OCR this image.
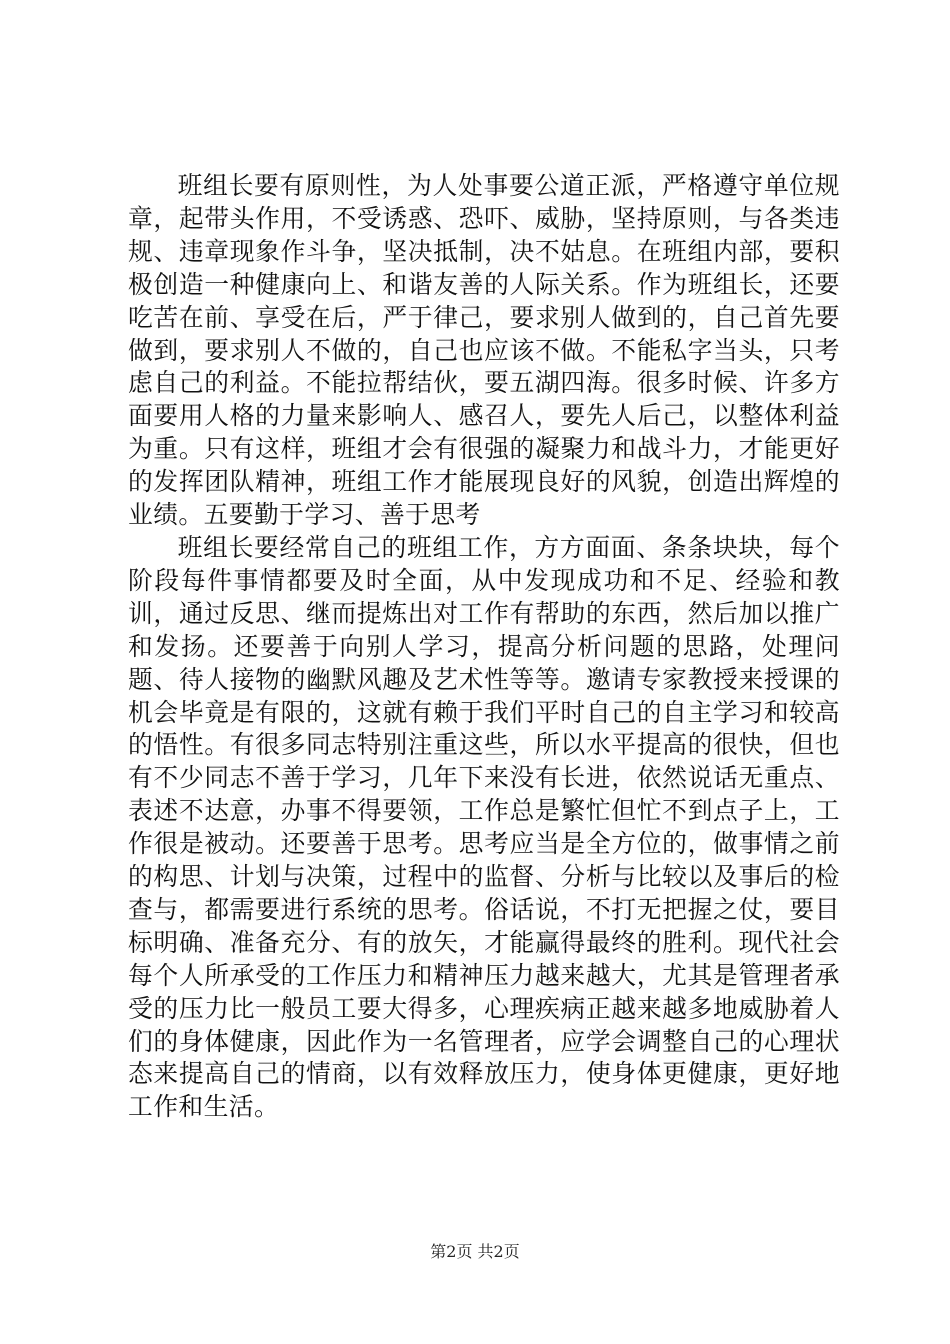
班组长要有原则性，为人处事要公道正派，严格遵守单位规章，起带头作用，不受诱惑、恐吓、威胁，坚持原则，与各类违规、违章现象作斗争，坚决抵制，决不姑息。在班组内部，要积极创造一种健康向上、和谐友善的人际关系。作为班组长，还要吃苦在前、享受在后，严于律己，要求别人做到的，自己首先要做到，要求别人不做的，自己也应该不做。不能私字当头，只考虑自己的利益。不能拉帮结伙，要五湖四海。很多时候、许多方面要用人格的力量来影响人、感召人，要先人后己，以整体利益为重。只有这样，班组才会有很强的凝聚力和战斗力，才能更好的发挥团队精神，班组工作才能展现良好的风貌，创造出辉煌的业绩。五要勤于学习、善于思考

班组长要经常自己的班组工作，方方面面、条条块块，每个阶段每件事情都要及时全面，从中发现成功和不足、经验和教训，通过反思、继而提炼出对工作有帮助的东西，然后加以推广和发扬。还要善于向别人学习，提高分析问题的思路，处理问题、待人接物的幽默风趣及艺术性等等。邀请专家教授来授课的机会毕竟是有限的，这就有赖于我们平时自己的自主学习和较高的悟性。有很多同志特别注重这些，所以水平提高的很快，但也有不少同志不善于学习，几年下来没有长进，依然说话无重点、表述不达意，办事不得要领，工作总是繁忙但忙不到点子上，工作很是被动。还要善于思考。思考应当是全方位的，做事情之前的构思、计划与决策，过程中的监督、分析与比较以及事后的检查与，都需要进行系统的思考。俗话说，不打无把握之仗，要目标明确、准备充分、有的放矢，才能赢得最终的胜利。现代社会每个人所承受的工作压力和精神压力越来越大，尤其是管理者承受的压力比一般员工要大得多，心理疾病正越来越多地威胁着人们的身体健康，因此作为一名管理者，应学会调整自己的心理状态来提高自己的情商，以有效释放压力，使身体更健康，更好地工作和生活。

第2页 共2页
